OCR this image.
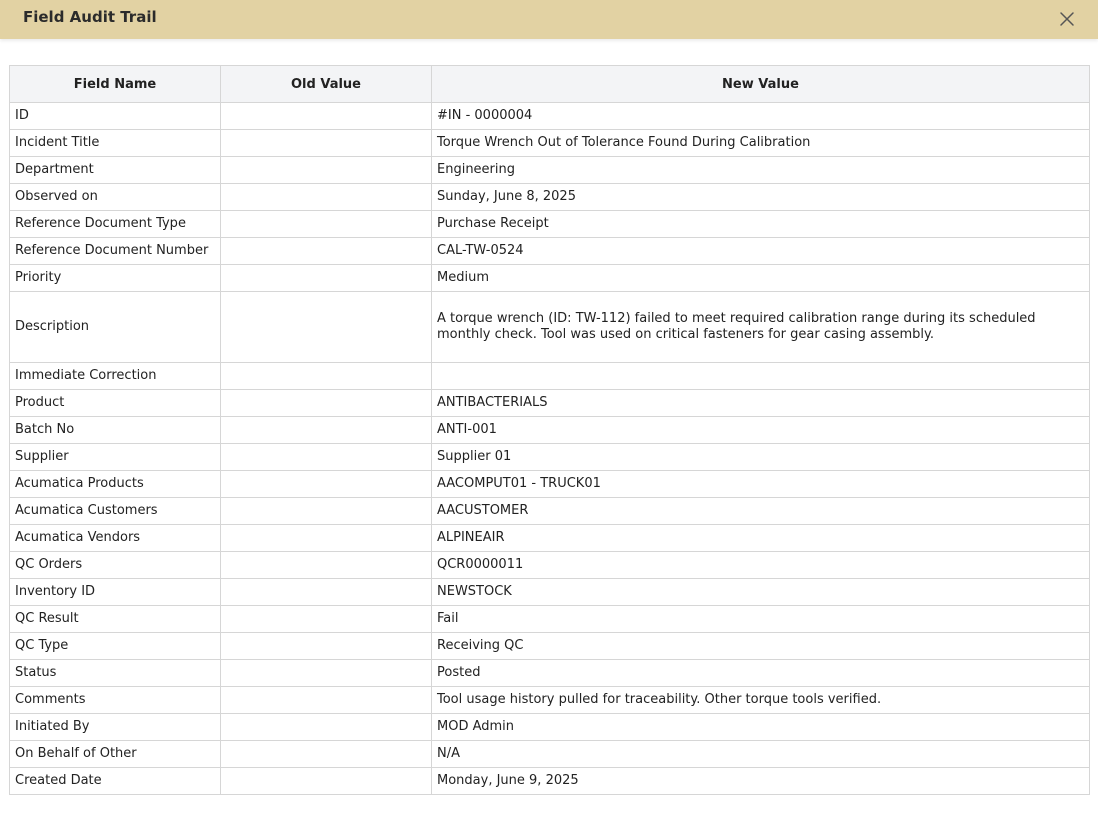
Field Audit Trail
Field Name	Old Value	New Value
ID		#IN - 0000004
Incident Title		Torque Wrench Out of Tolerance Found During Calibration
Department		Engineering
Observed on		Sunday, June 8, 2025
Reference Document Type		Purchase Receipt
Reference Document Number		CAL-TW-0524
Priority		Medium
Description		A torque wrench (ID: TW-112) failed to meet required calibration range during its scheduled monthly check. Tool was used on critical fasteners for gear casing assembly.
Immediate Correction		
Product		ANTIBACTERIALS
Batch No		ANTI-001
Supplier		Supplier 01
Acumatica Products		AACOMPUT01 - TRUCK01
Acumatica Customers		AACUSTOMER
Acumatica Vendors		ALPINEAIR
QC Orders		QCR0000011
Inventory ID		NEWSTOCK
QC Result		Fail
QC Type		Receiving QC
Status		Posted
Comments		Tool usage history pulled for traceability. Other torque tools verified.
Initiated By		MOD Admin
On Behalf of Other		N/A
Created Date		Monday, June 9, 2025
